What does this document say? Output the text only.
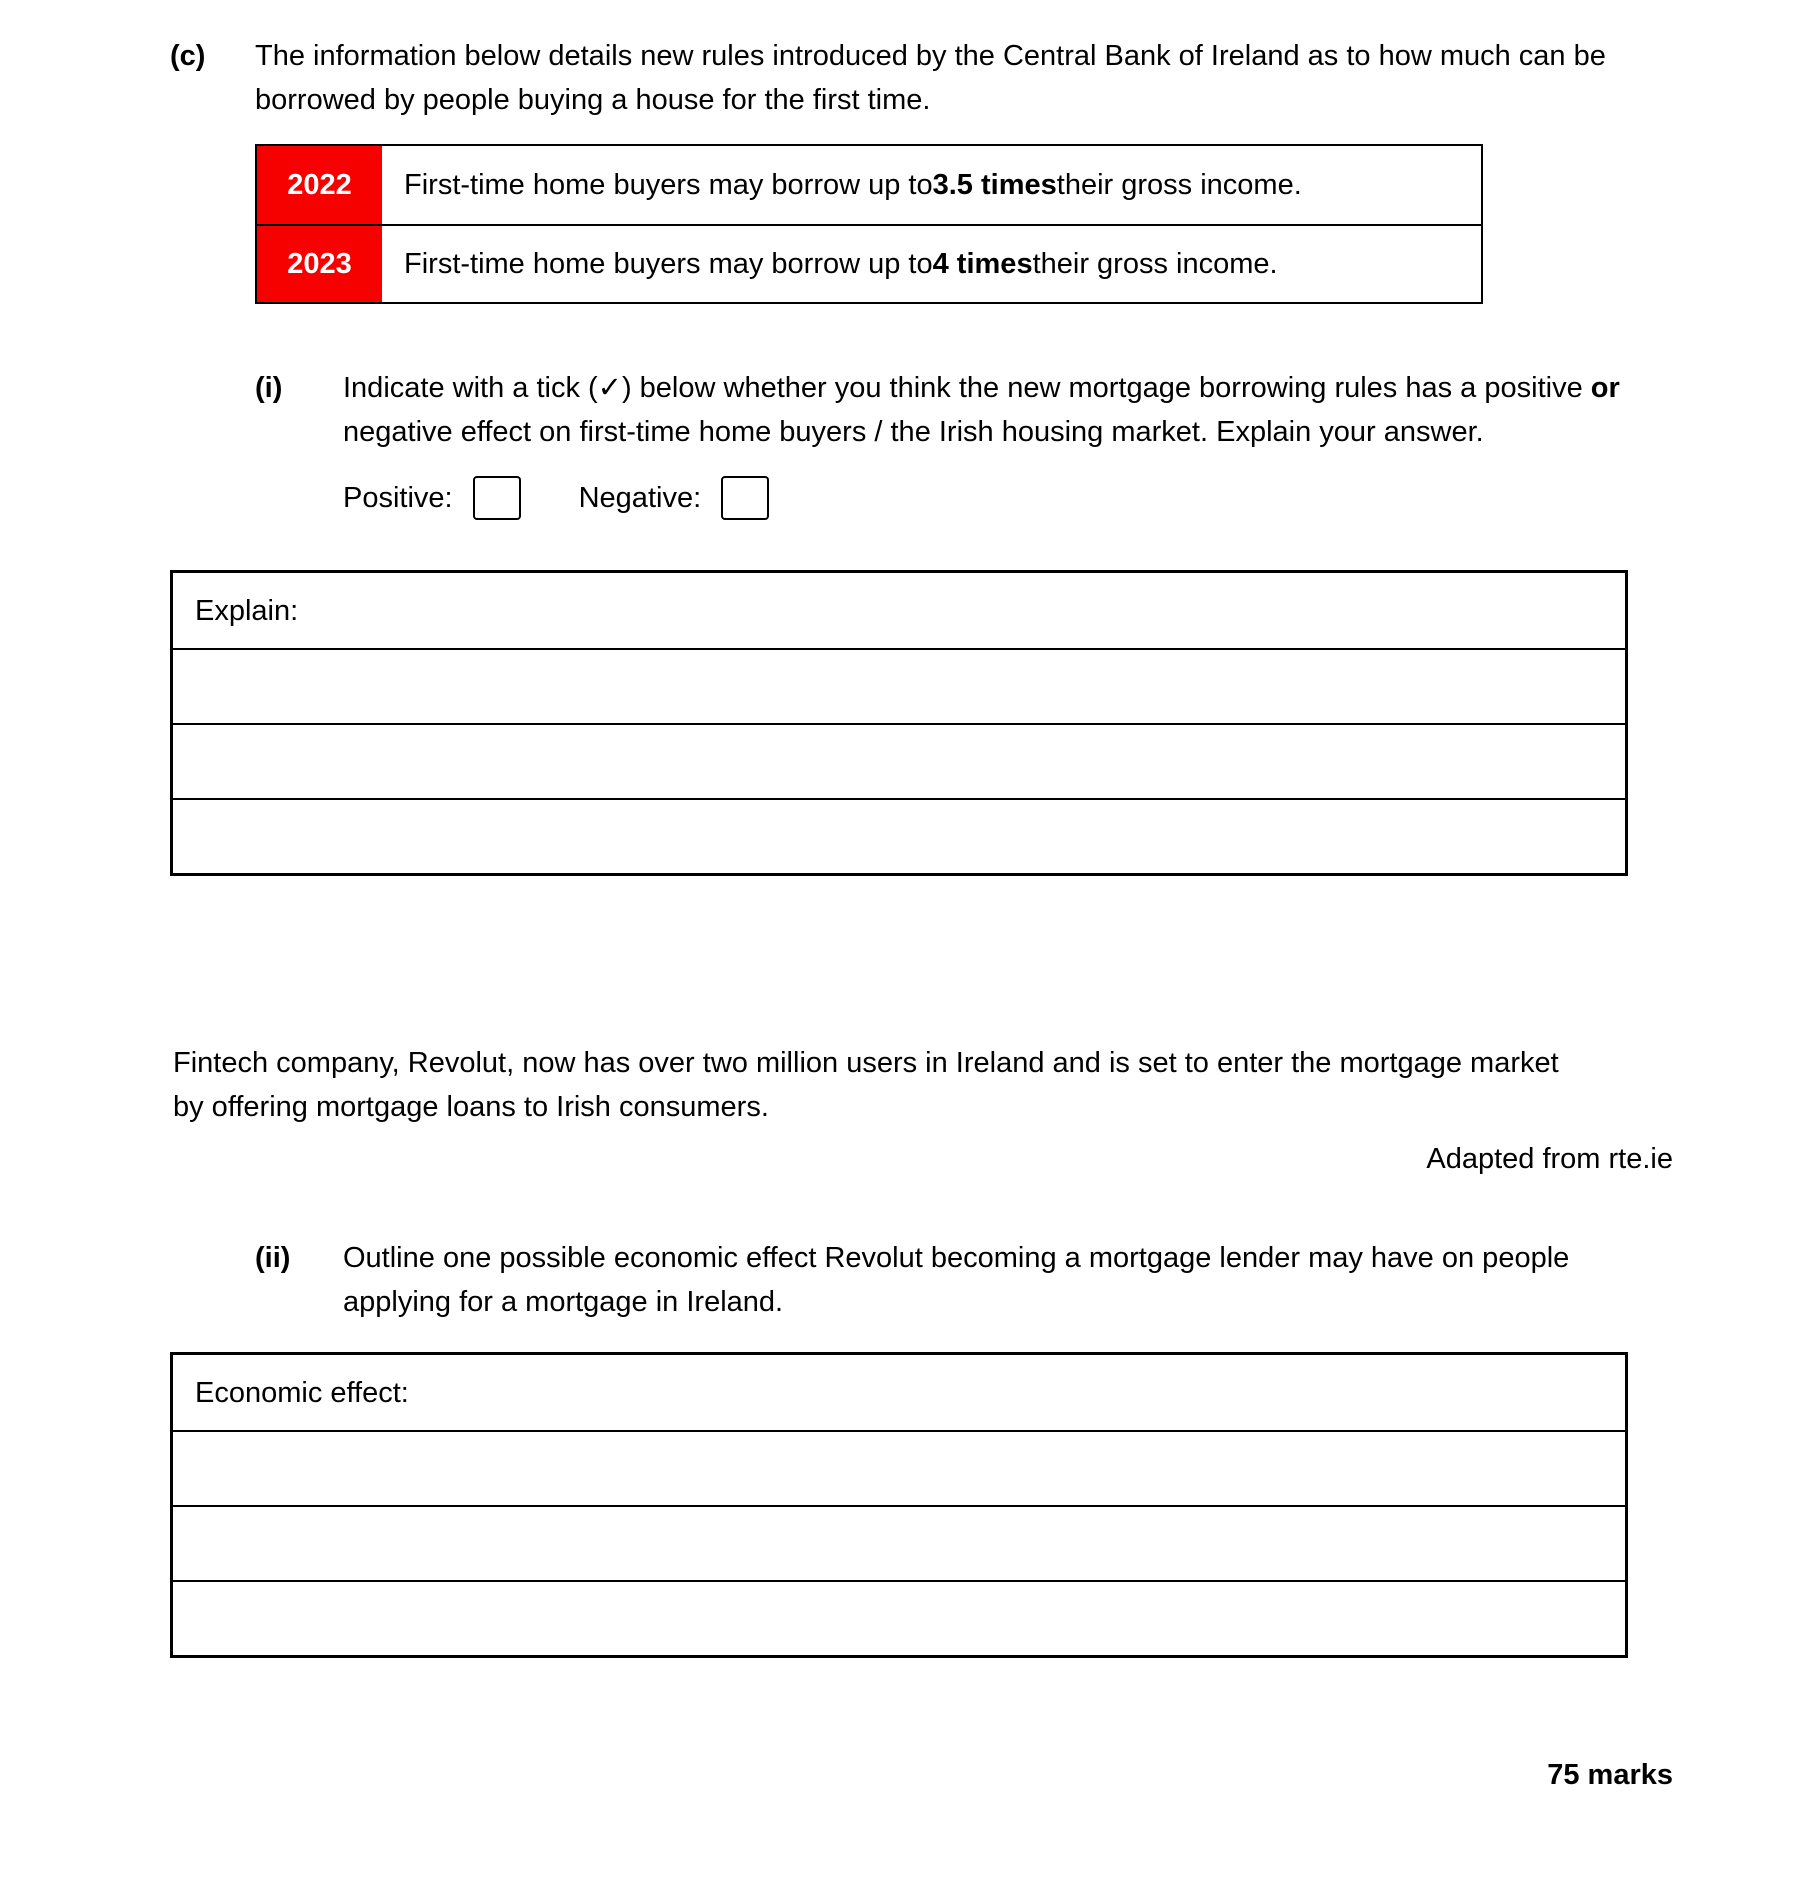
(c)	The information below details new rules introduced by the Central Bank of Ireland as to how much can be borrowed by people buying a house for the first time.

2022	First-time home buyers may borrow up to 3.5 times their gross income.
2023	First-time home buyers may borrow up to 4 times their gross income.
(i)	Indicate with a tick (✓) below whether you think the new mortgage borrowing rules has a positive or negative effect on first-time home buyers / the Irish housing market. Explain your answer.

Positive:	Negative:
Explain:

Fintech company, Revolut, now has over two million users in Ireland and is set to enter the mortgage market by offering mortgage loans to Irish consumers.

Adapted from rte.ie
(ii)	Outline one possible economic effect Revolut becoming a mortgage lender may have on people applying for a mortgage in Ireland.

Economic effect:
75 marks
